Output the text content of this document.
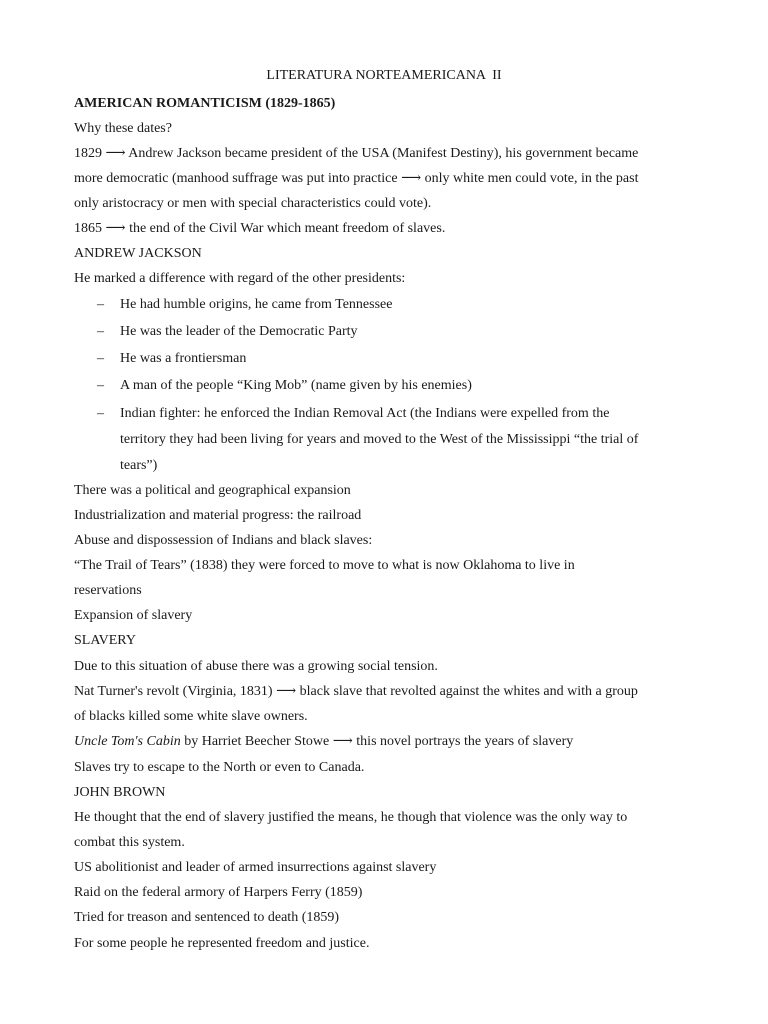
LITERATURA NORTEAMERICANA  II
AMERICAN ROMANTICISM (1829-1865)
Why these dates?
1829 ⟶ Andrew Jackson became president of the USA (Manifest Destiny), his government became
more democratic (manhood suffrage was put into practice ⟶ only white men could vote, in the past
only aristocracy or men with special characteristics could vote).
1865 ⟶ the end of the Civil War which meant freedom of slaves.
ANDREW JACKSON
He marked a difference with regard of the other presidents:
– He had humble origins, he came from Tennessee
– He was the leader of the Democratic Party
– He was a frontiersman
– A man of the people “King Mob” (name given by his enemies)
– Indian fighter: he enforced the Indian Removal Act (the Indians were expelled from the
territory they had been living for years and moved to the West of the Mississippi “the trial of
tears”)
There was a political and geographical expansion
Industrialization and material progress: the railroad
Abuse and dispossession of Indians and black slaves:
“The Trail of Tears” (1838) they were forced to move to what is now Oklahoma to live in
reservations
Expansion of slavery
SLAVERY
Due to this situation of abuse there was a growing social tension.
Nat Turner's revolt (Virginia, 1831) ⟶ black slave that revolted against the whites and with a group
of blacks killed some white slave owners.
Uncle Tom's Cabin by Harriet Beecher Stowe ⟶ this novel portrays the years of slavery
Slaves try to escape to the North or even to Canada.
JOHN BROWN
He thought that the end of slavery justified the means, he though that violence was the only way to
combat this system.
US abolitionist and leader of armed insurrections against slavery
Raid on the federal armory of Harpers Ferry (1859)
Tried for treason and sentenced to death (1859)
For some people he represented freedom and justice.
